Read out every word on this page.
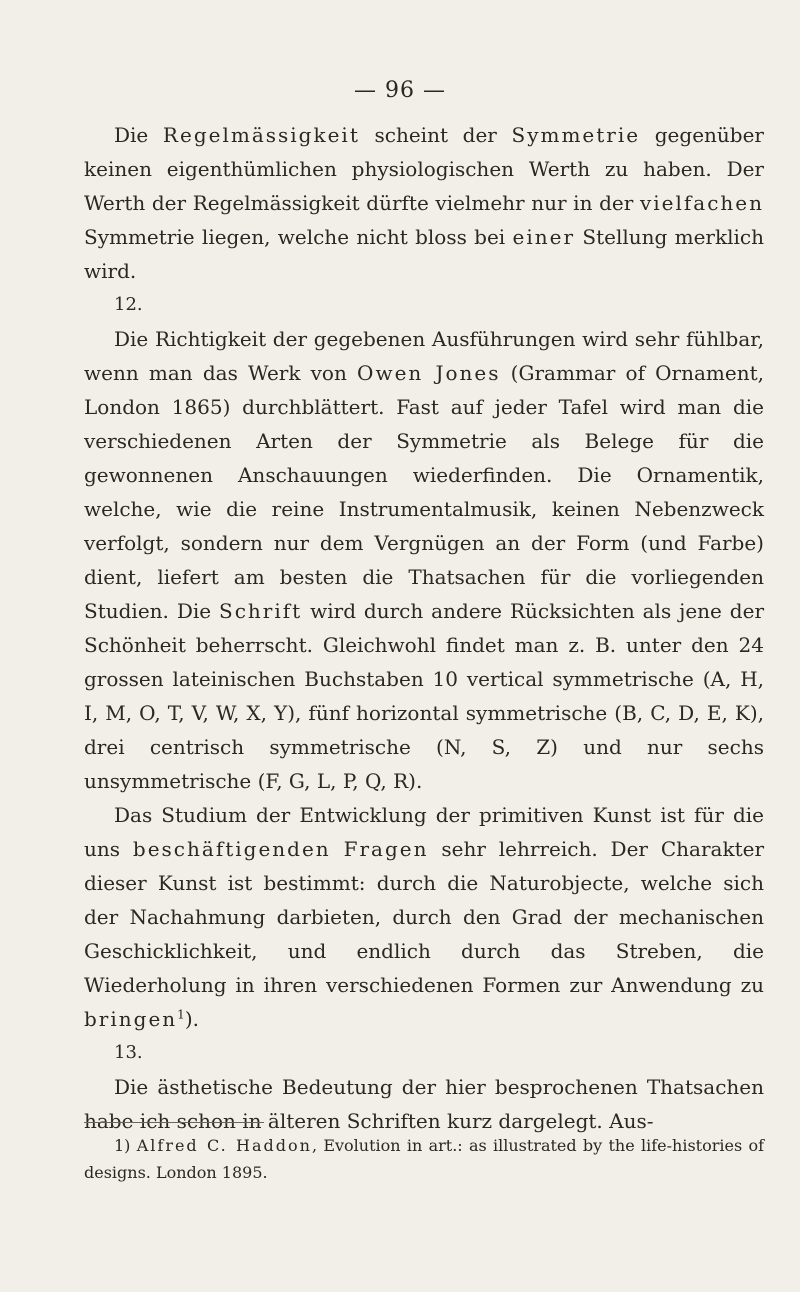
— 96 —

Die Regelmässigkeit scheint der Symmetrie gegenüber keinen eigenthümlichen physiologischen Werth zu haben. Der Werth der Regelmässigkeit dürfte vielmehr nur in der vielfachen Symmetrie liegen, welche nicht bloss bei einer Stellung merklich wird.

12.

Die Richtigkeit der gegebenen Ausführungen wird sehr fühlbar, wenn man das Werk von Owen Jones (Grammar of Ornament, London 1865) durchblättert. Fast auf jeder Tafel wird man die verschiedenen Arten der Symmetrie als Belege für die gewonnenen Anschauungen wiederfinden. Die Ornamentik, welche, wie die reine Instrumentalmusik, keinen Nebenzweck verfolgt, sondern nur dem Vergnügen an der Form (und Farbe) dient, liefert am besten die Thatsachen für die vorliegenden Studien. Die Schrift wird durch andere Rücksichten als jene der Schönheit beherrscht. Gleichwohl findet man z. B. unter den 24 grossen lateinischen Buchstaben 10 vertical symmetrische (A, H, I, M, O, T, V, W, X, Y), fünf horizontal symmetrische (B, C, D, E, K), drei centrisch symmetrische (N, S, Z) und nur sechs unsymmetrische (F, G, L, P, Q, R).

Das Studium der Entwicklung der primitiven Kunst ist für die uns beschäftigenden Fragen sehr lehrreich. Der Charakter dieser Kunst ist bestimmt: durch die Naturobjecte, welche sich der Nachahmung darbieten, durch den Grad der mechanischen Geschicklichkeit, und endlich durch das Streben, die Wiederholung in ihren verschiedenen Formen zur Anwendung zu bringen$^1$).

13.

Die ästhetische Bedeutung der hier besprochenen Thatsachen habe ich schon in älteren Schriften kurz dargelegt. Aus-

1) Alfred C. Haddon, Evolution in art.: as illustrated by the life-histories of designs. London 1895.
